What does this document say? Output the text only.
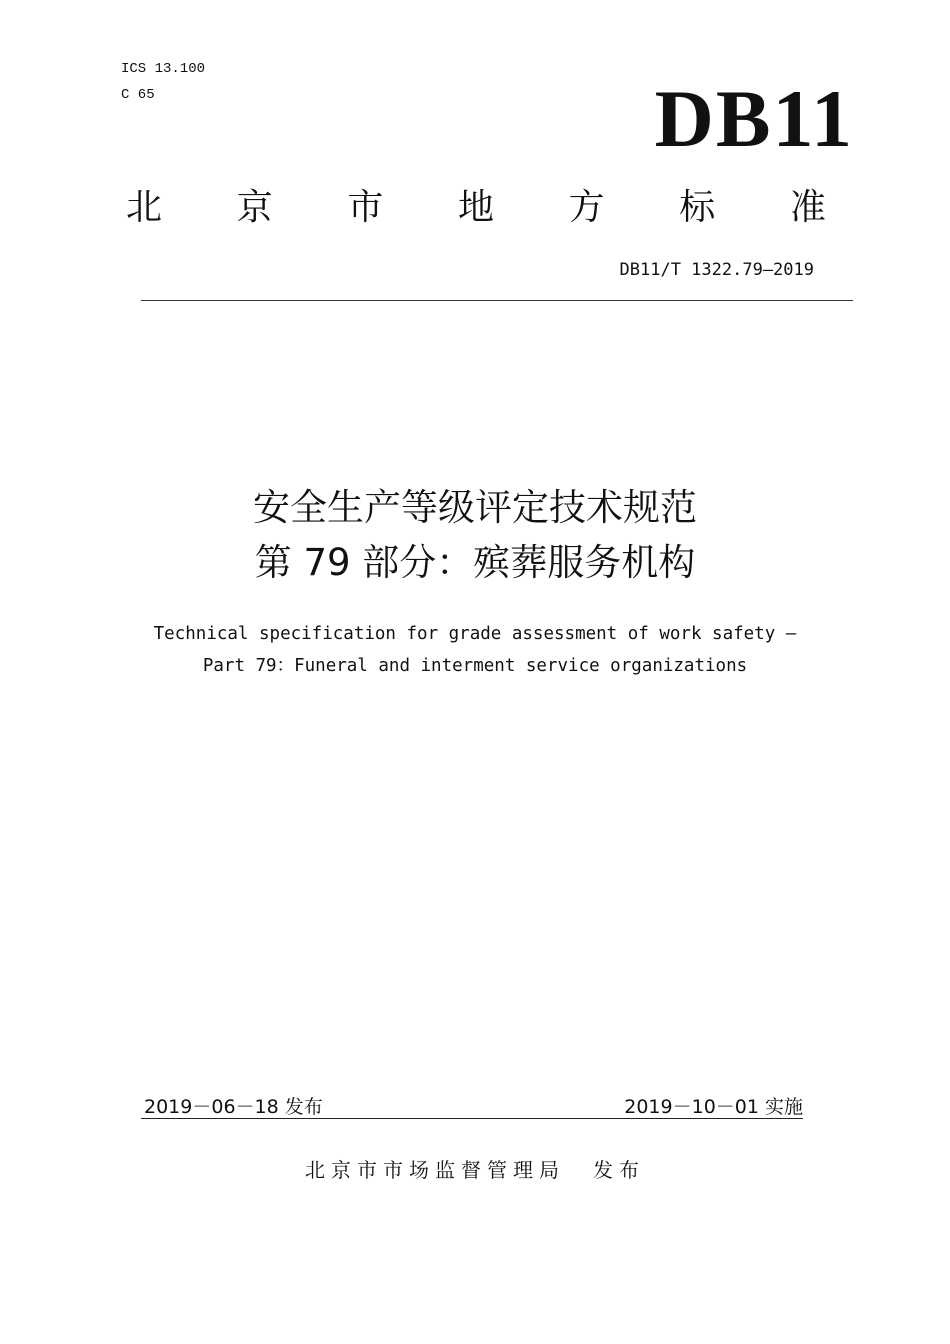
ICS 13.100
C 65	DB11
北 京 市 地 方 标 准
DB11/T 1322.79—2019
安全生产等级评定技术规范
第 79 部分：殡葬服务机构
Technical specification for grade assessment of work safety —
Part 79：Funeral and interment service organizations
2019－06－18 发布	2019－10－01 实施
北京市市场监督管理局 发布
